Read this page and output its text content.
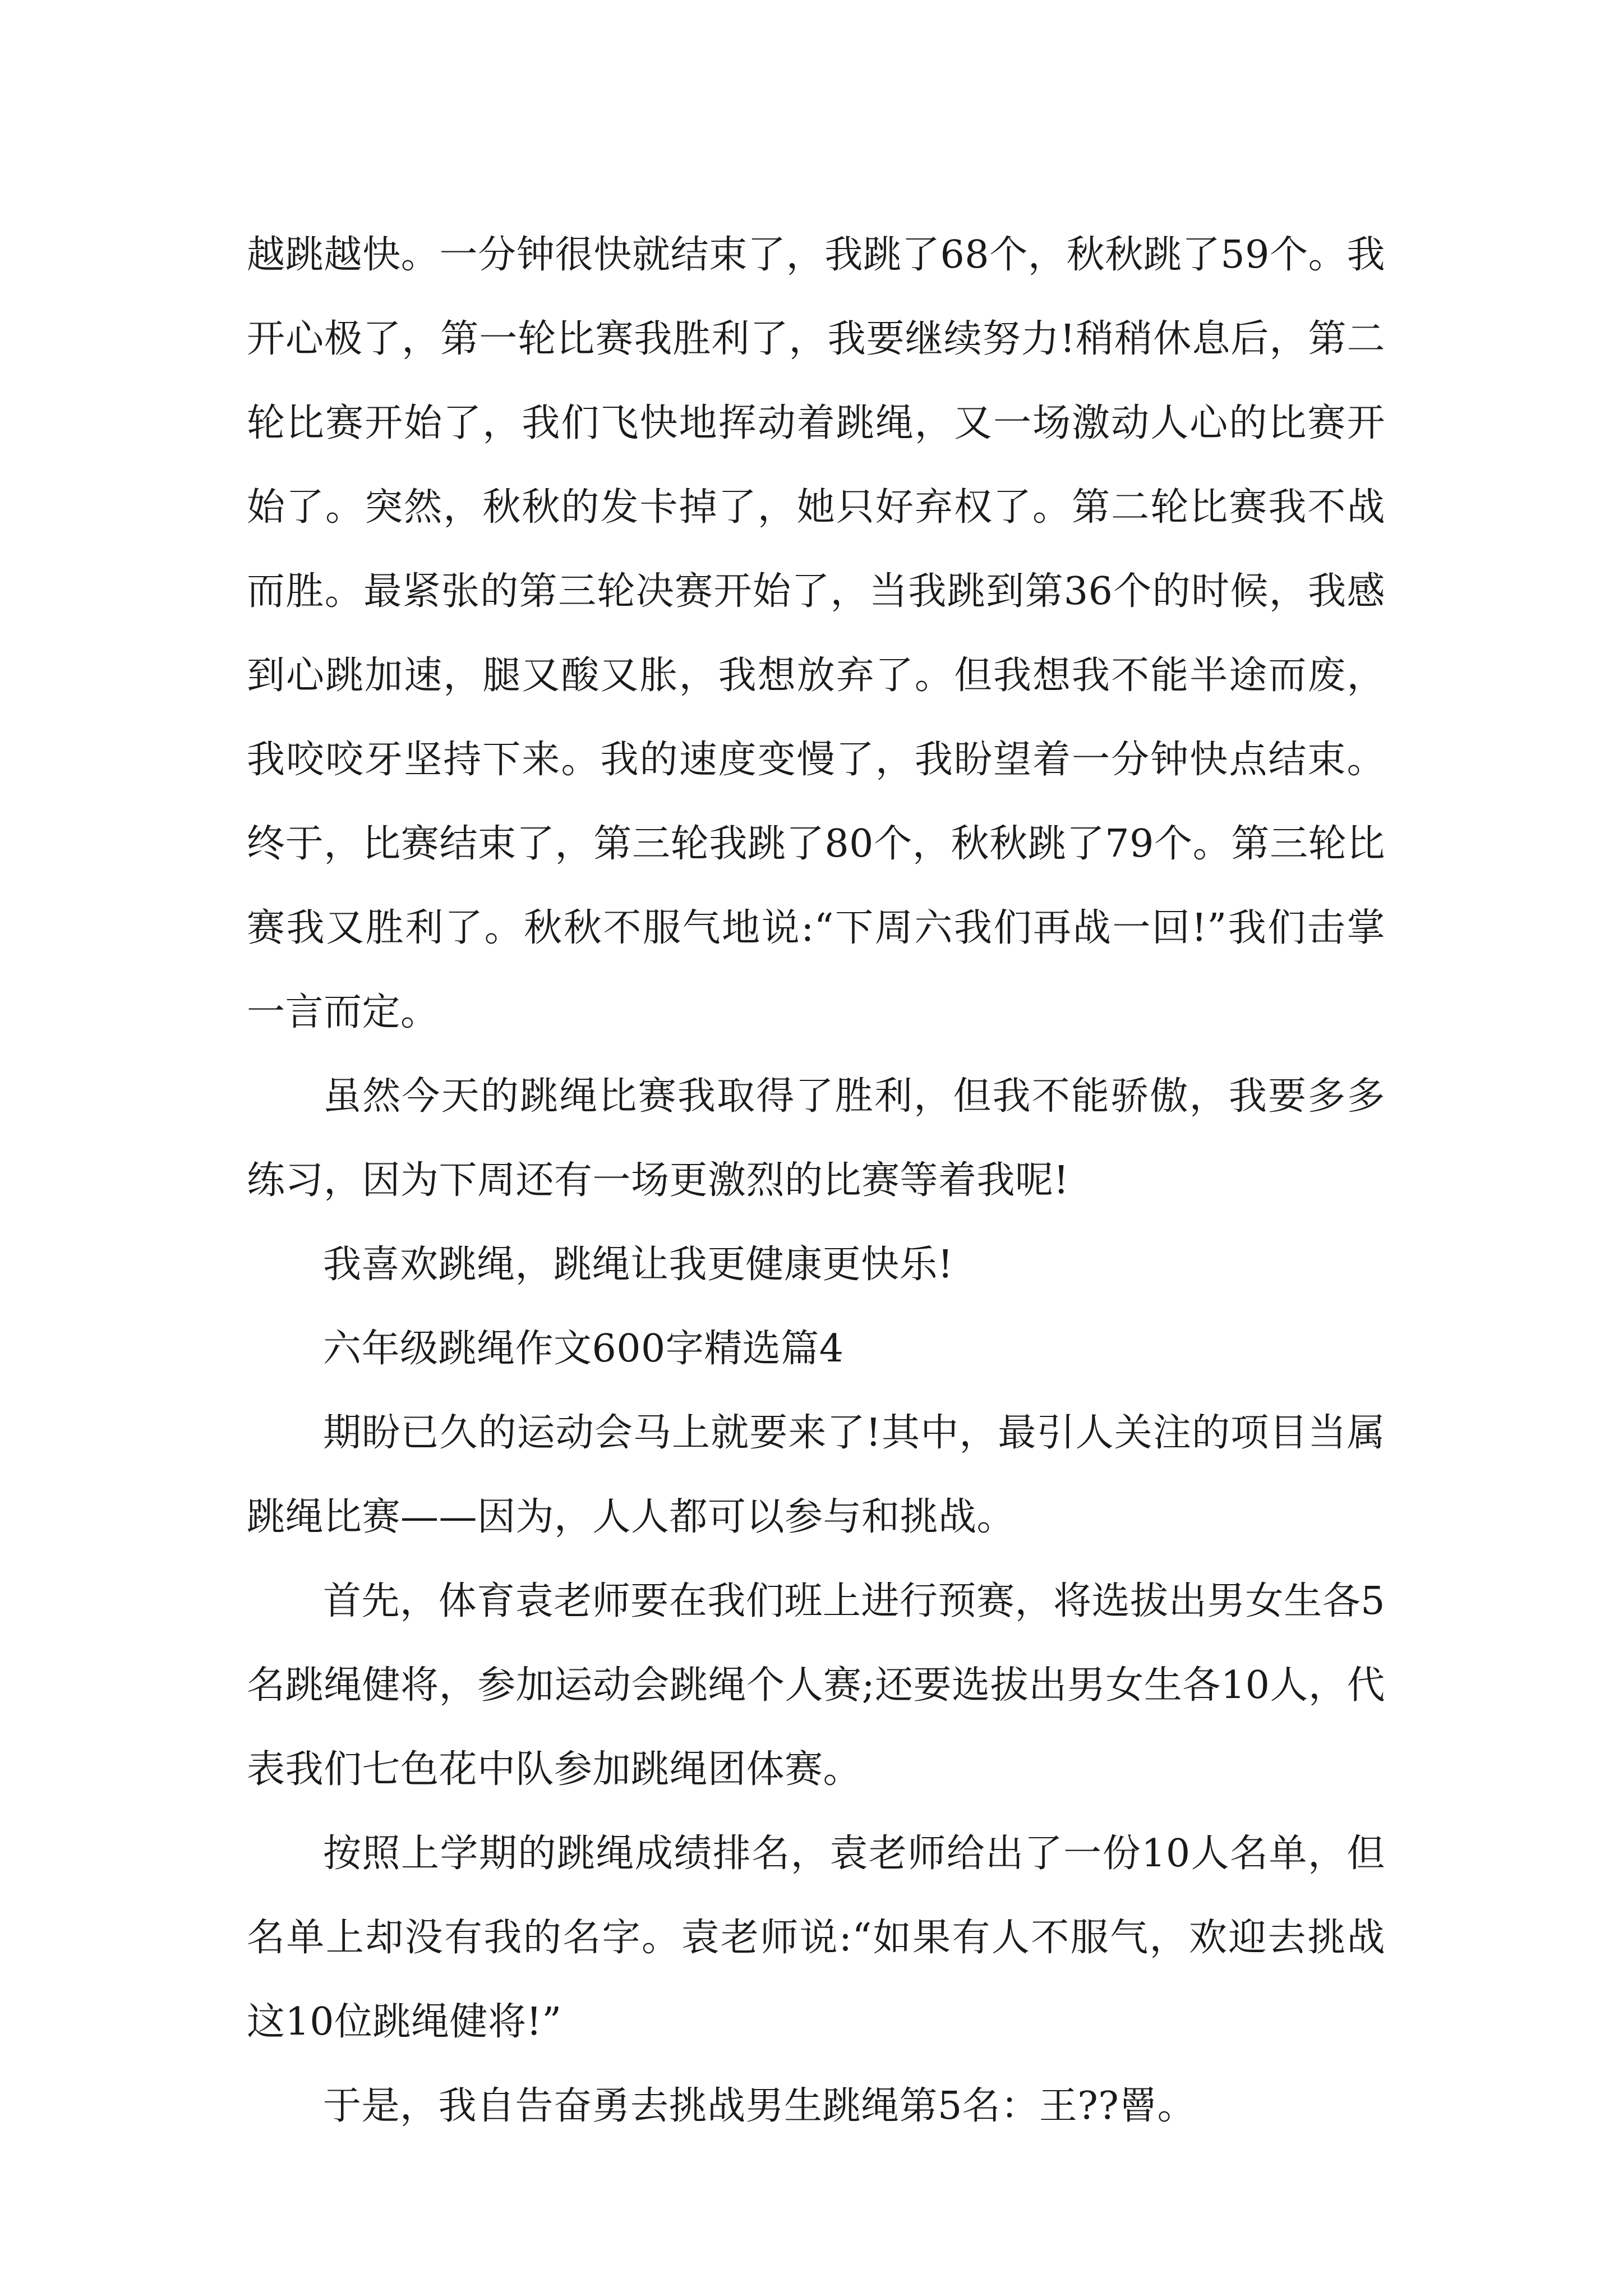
越跳越快。一分钟很快就结束了，我跳了68个，秋秋跳了59个。我开心极了，第一轮比赛我胜利了，我要继续努力!稍稍休息后，第二轮比赛开始了，我们飞快地挥动着跳绳，又一场激动人心的比赛开始了。突然，秋秋的发卡掉了，她只好弃权了。第二轮比赛我不战而胜。最紧张的第三轮决赛开始了，当我跳到第36个的时候，我感到心跳加速，腿又酸又胀，我想放弃了。但我想我不能半途而废，我咬咬牙坚持下来。我的速度变慢了，我盼望着一分钟快点结束。终于，比赛结束了，第三轮我跳了80个，秋秋跳了79个。第三轮比赛我又胜利了。秋秋不服气地说:“下周六我们再战一回!”我们击掌一言而定。

虽然今天的跳绳比赛我取得了胜利，但我不能骄傲，我要多多练习，因为下周还有一场更激烈的比赛等着我呢!

我喜欢跳绳，跳绳让我更健康更快乐!

六年级跳绳作文600字精选篇4

期盼已久的运动会马上就要来了!其中，最引人关注的项目当属跳绳比赛——因为，人人都可以参与和挑战。

首先，体育袁老师要在我们班上进行预赛，将选拔出男女生各5名跳绳健将，参加运动会跳绳个人赛;还要选拔出男女生各10人，代表我们七色花中队参加跳绳团体赛。

按照上学期的跳绳成绩排名，袁老师给出了一份10人名单，但名单上却没有我的名字。袁老师说:“如果有人不服气，欢迎去挑战这10位跳绳健将!”

于是，我自告奋勇去挑战男生跳绳第5名：王??罾。
